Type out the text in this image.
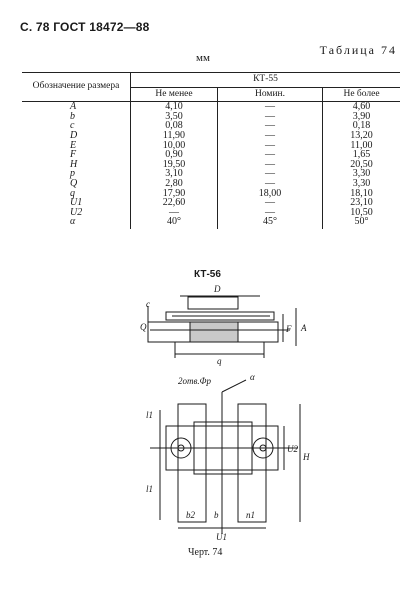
С. 78 ГОСТ 18472—88
Таблица 74
мм
Обозначение размера	КТ-55		
	Не менее	Номин.	Не более
A	4,10	—	4,60
b	3,50	—	3,90
c	0,08	—	0,18
D	11,90	—	13,20
E	10,00	—	11,00
F	0,90	—	1,65
H	19,50	—	20,50
p	3,10	—	3,30
Q	2,80	—	3,30
q	17,90	18,00	18,10
U1	22,60	—	23,10
U2	—	—	10,50
α	40°	45°	50°
КТ-56
c
D
Q	F A
q
2отв.Φр	α
l1
U2
H
l1
b2 b	n1
U1
Черт. 74
